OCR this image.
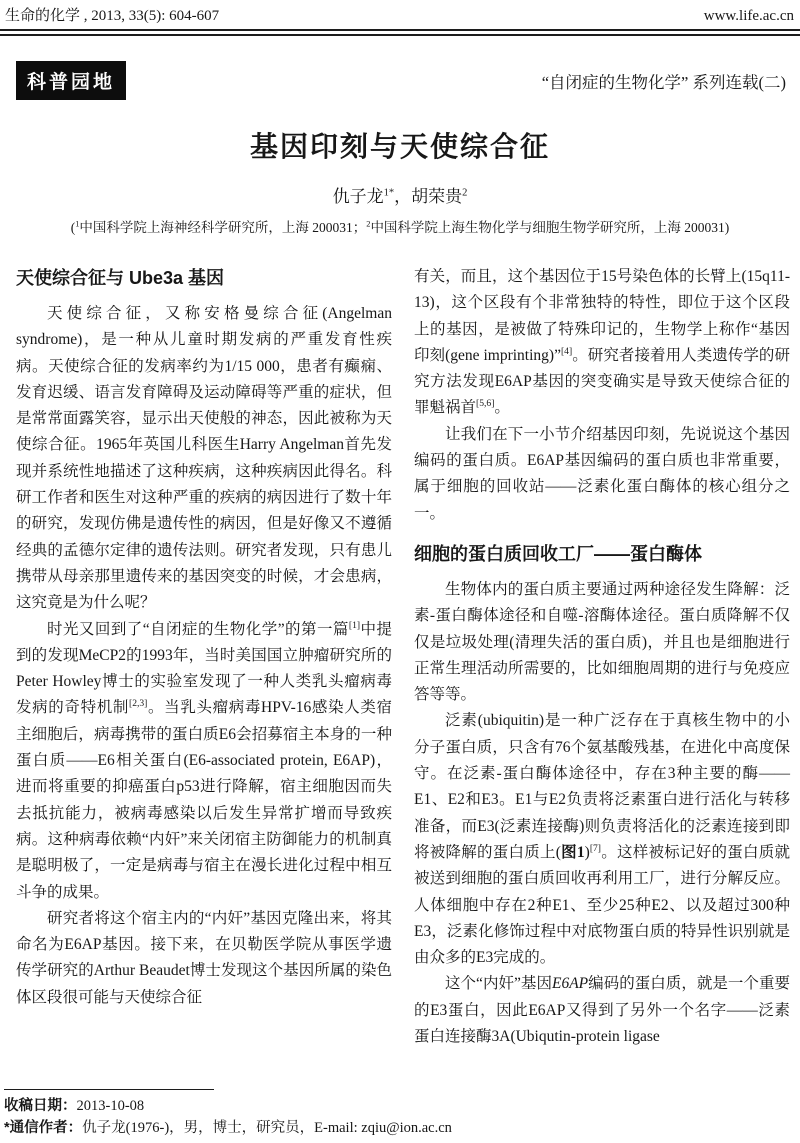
生命的化学 , 2013, 33(5): 604-607	www.life.ac.cn
科普园地	“自闭症的生物化学” 系列连载(二)
基因印刻与天使综合征
仇子龙$^{1*}$，胡荣贵$^2$
($^1$中国科学院上海神经科学研究所，上海 200031；$^2$中国科学院上海生物化学与细胞生物学研究所，上海 200031)
天使综合征与 Ube3a 基因

天使综合征，又称安格曼综合征(Angelman syndrome)，是一种从儿童时期发病的严重发育性疾病。天使综合征的发病率约为1/15 000，患者有癫痫、发育迟缓、语言发育障碍及运动障碍等严重的症状，但是常常面露笑容，显示出天使般的神态，因此被称为天使综合征。1965年英国儿科医生Harry Angelman首先发现并系统性地描述了这种疾病，这种疾病因此得名。科研工作者和医生对这种严重的疾病的病因进行了数十年的研究，发现仿佛是遗传性的病因，但是好像又不遵循经典的孟德尔定律的遗传法则。研究者发现，只有患儿携带从母亲那里遗传来的基因突变的时候，才会患病，这究竟是为什么呢？

时光又回到了“自闭症的生物化学”的第一篇[1]中提到的发现MeCP2的1993年，当时美国国立肿瘤研究所的Peter Howley博士的实验室发现了一种人类乳头瘤病毒发病的奇特机制[2,3]。当乳头瘤病毒HPV-16感染人类宿主细胞后，病毒携带的蛋白质E6会招募宿主本身的一种蛋白质——E6相关蛋白(E6-associated protein, E6AP)，进而将重要的抑癌蛋白p53进行降解，宿主细胞因而失去抵抗能力，被病毒感染以后发生异常扩增而导致疾病。这种病毒依赖“内奸”来关闭宿主防御能力的机制真是聪明极了，一定是病毒与宿主在漫长进化过程中相互斗争的成果。

研究者将这个宿主内的“内奸”基因克隆出来，将其命名为E6AP基因。接下来，在贝勒医学院从事医学遗传学研究的Arthur Beaudet博士发现这个基因所属的染色体区段很可能与天使综合征

有关，而且，这个基因位于15号染色体的长臂上(15q11-13)，这个区段有个非常独特的特性，即位于这个区段上的基因，是被做了特殊印记的，生物学上称作“基因印刻(gene imprinting)”[4]。研究者接着用人类遗传学的研究方法发现E6AP基因的突变确实是导致天使综合征的罪魁祸首[5,6]。

让我们在下一小节介绍基因印刻，先说说这个基因编码的蛋白质。E6AP基因编码的蛋白质也非常重要，属于细胞的回收站——泛素化蛋白酶体的核心组分之一。

细胞的蛋白质回收工厂——蛋白酶体

生物体内的蛋白质主要通过两种途径发生降解：泛素-蛋白酶体途径和自噬-溶酶体途径。蛋白质降解不仅仅是垃圾处理(清理失活的蛋白质)，并且也是细胞进行正常生理活动所需要的，比如细胞周期的进行与免疫应答等等。

泛素(ubiquitin)是一种广泛存在于真核生物中的小分子蛋白质，只含有76个氨基酸残基，在进化中高度保守。在泛素-蛋白酶体途径中，存在3种主要的酶——E1、E2和E3。E1与E2负责将泛素蛋白进行活化与转移准备，而E3(泛素连接酶)则负责将活化的泛素连接到即将被降解的蛋白质上(图1)[7]。这样被标记好的蛋白质就被送到细胞的蛋白质回收再利用工厂，进行分解反应。人体细胞中存在2种E1、至少25种E2、以及超过300种E3，泛素化修饰过程中对底物蛋白质的特异性识别就是由众多的E3完成的。

这个“内奸”基因E6AP编码的蛋白质，就是一个重要的E3蛋白，因此E6AP又得到了另外一个名字——泛素蛋白连接酶3A(Ubiqutin-protein ligase

收稿日期：2013-10-08
*通信作者：仇子龙(1976-)，男，博士，研究员，E-mail: zqiu@ion.ac.cn
